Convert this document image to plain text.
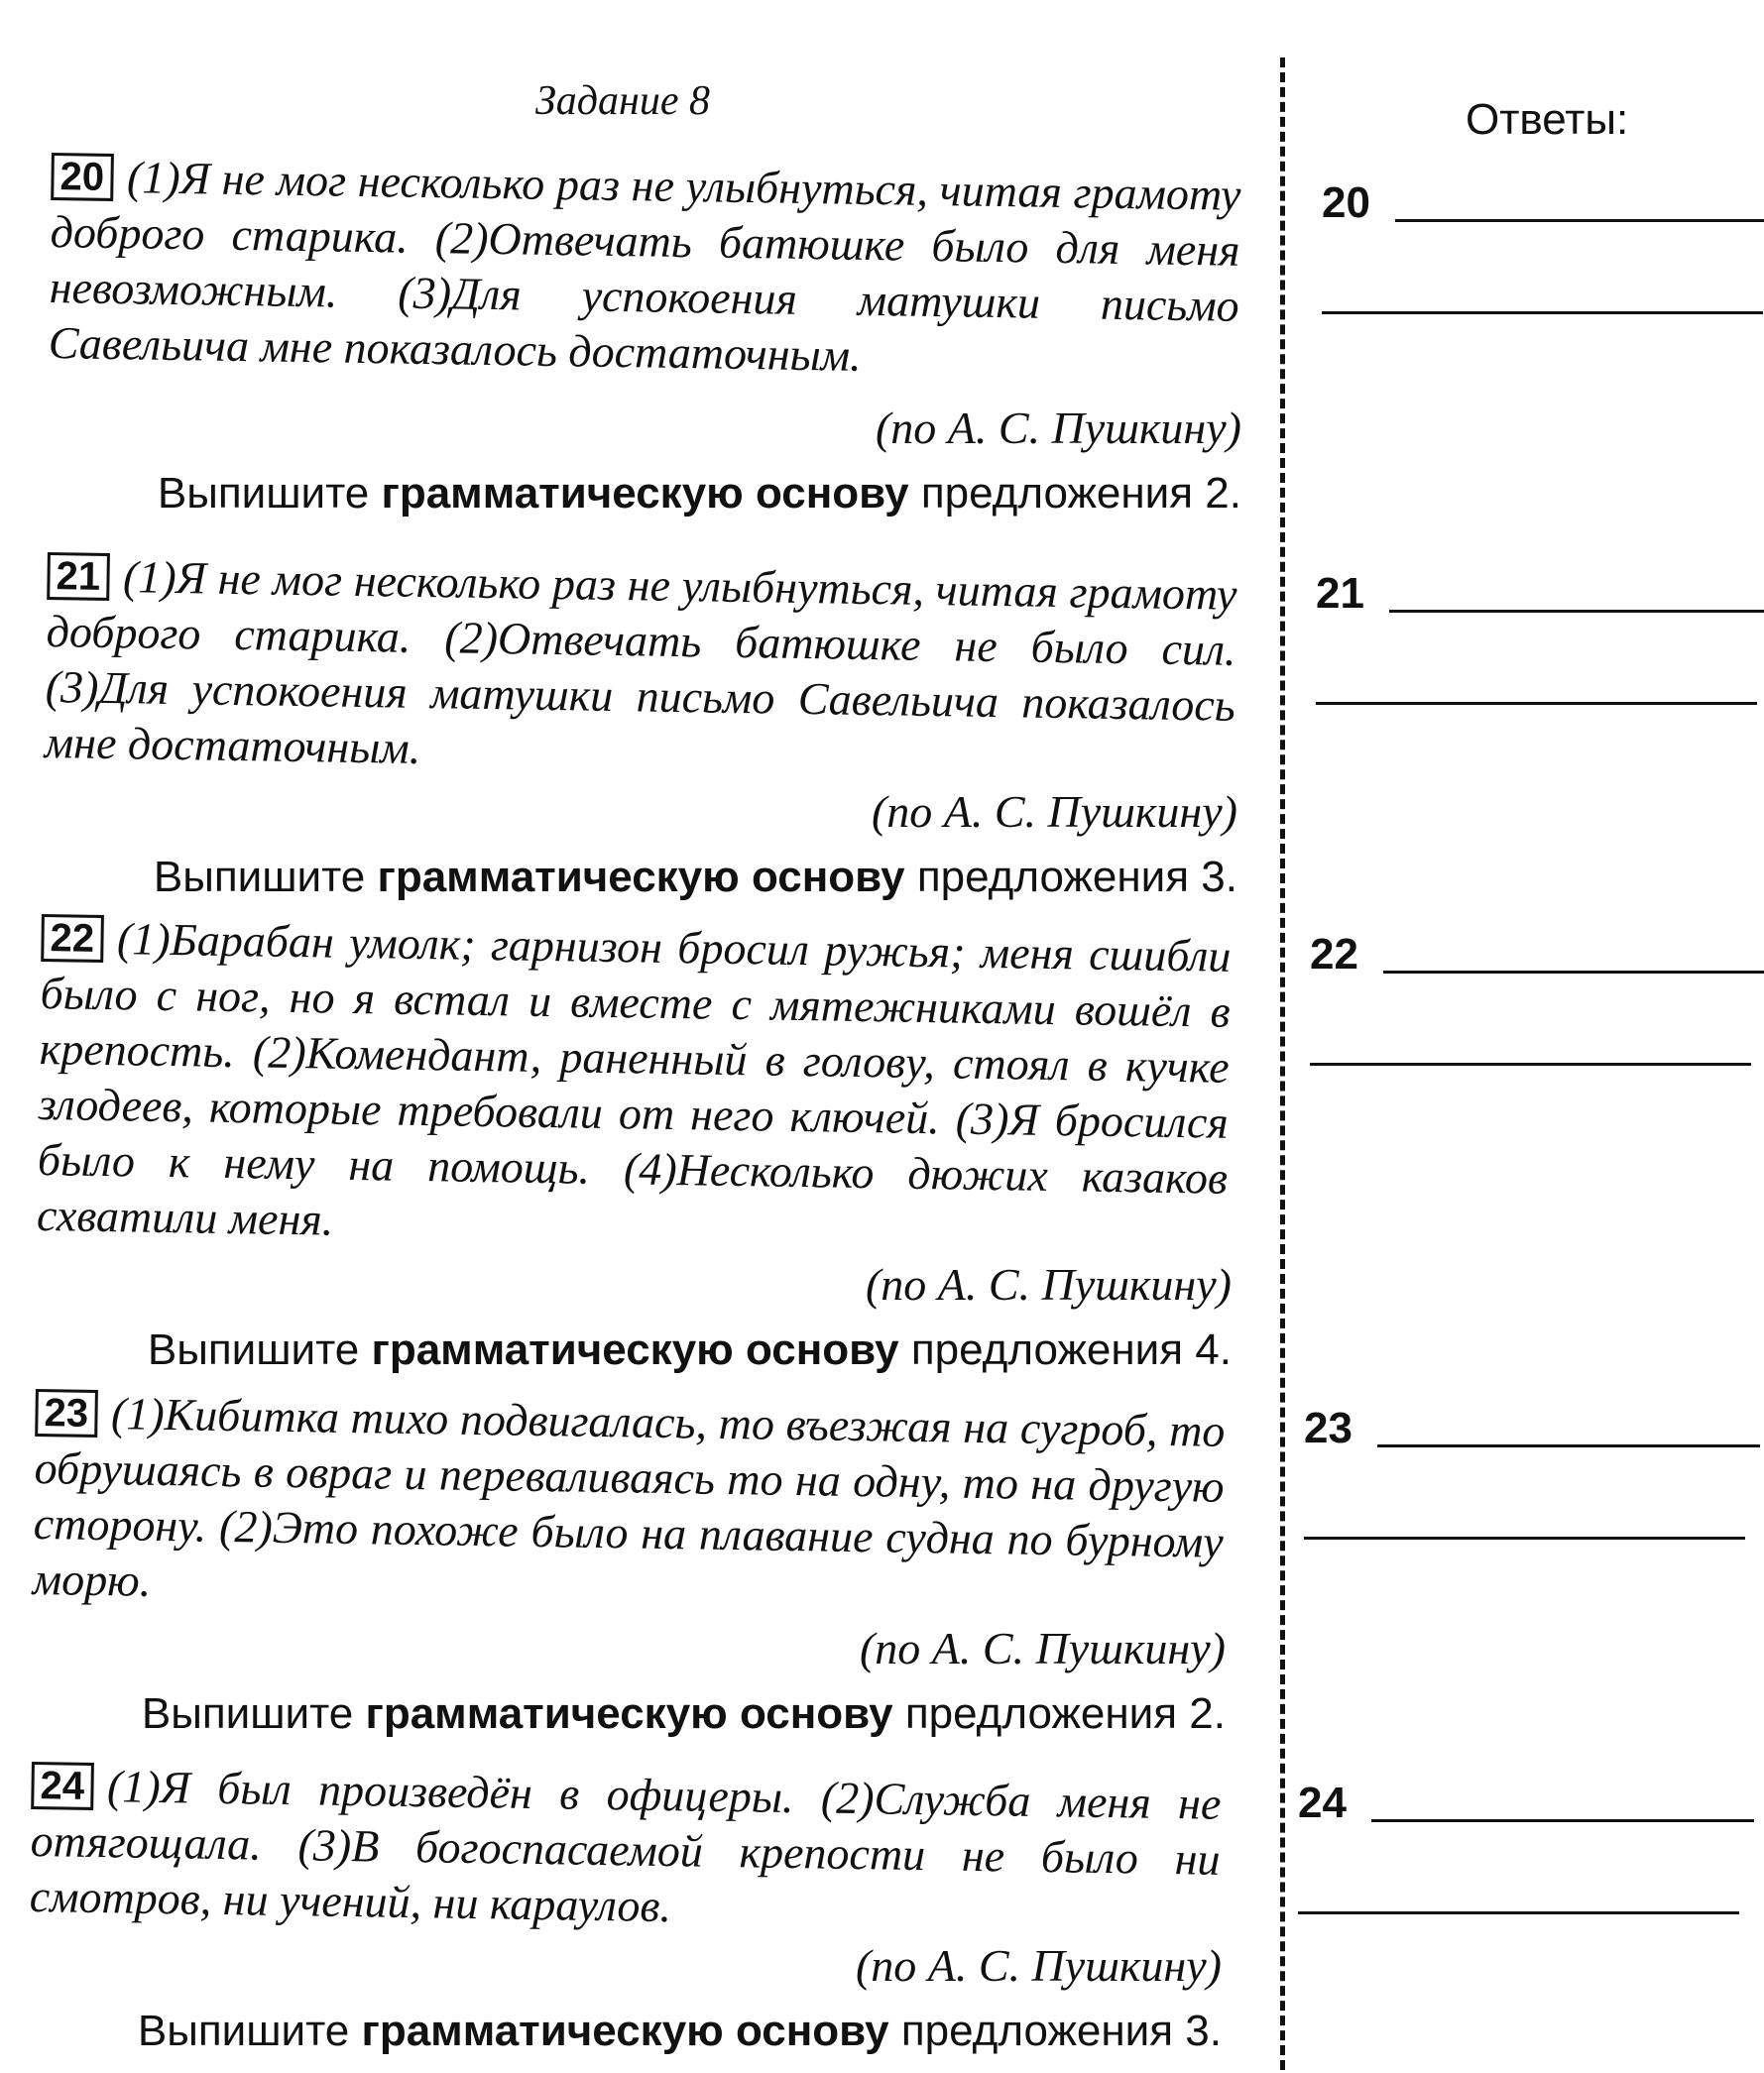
Задание 8	Ответы:
20 (1)Я не мог несколько раз не улыбнуться, читая грамоту доброго старика. (2)Отвечать батюшке было для меня невозможным. (3)Для успокоения матушки письмо Савельича мне показалось достаточным.
(по А. С. Пушкину)
Выпишите грамматическую основу предложения 2.
21 (1)Я не мог несколько раз не улыбнуться, читая грамоту доброго старика. (2)Отвечать батюшке не было сил. (3)Для успокоения матушки письмо Савельича показалось мне достаточным.
(по А. С. Пушкину)
Выпишите грамматическую основу предложения 3.
22 (1)Барабан умолк; гарнизон бросил ружья; меня сшибли было с ног, но я встал и вместе с мятежниками вошёл в крепость. (2)Комендант, раненный в голову, стоял в кучке злодеев, которые требовали от него ключей. (3)Я бросился было к нему на помощь. (4)Несколько дюжих казаков схватили меня.
(по А. С. Пушкину)
Выпишите грамматическую основу предложения 4.
23 (1)Кибитка тихо подвигалась, то въезжая на сугроб, то обрушаясь в овраг и переваливаясь то на одну, то на другую сторону. (2)Это похоже было на плавание судна по бурному морю.
(по А. С. Пушкину)
Выпишите грамматическую основу предложения 2.
24 (1)Я был произведён в офицеры. (2)Служба меня не отягощала. (3)В богоспасаемой крепости не было ни смотров, ни учений, ни караулов.
(по А. С. Пушкину)
Выпишите грамматическую основу предложения 3.
20
21
22
23
24
